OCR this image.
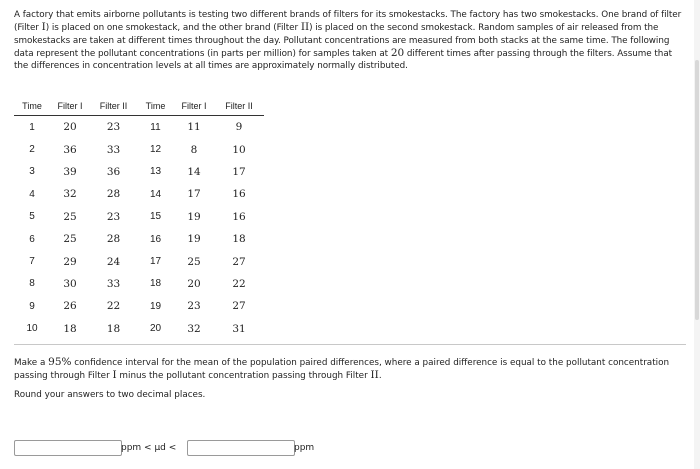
A factory that emits airborne pollutants is testing two different brands of filters for its smokestacks. The factory has two smokestacks. One brand of filter (Filter I) is placed on one smokestack, and the other brand (Filter II) is placed on the second smokestack. Random samples of air released from the smokestacks are taken at different times throughout the day. Pollutant concentrations are measured from both stacks at the same time. The following data represent the pollutant concentrations (in parts per million) for samples taken at 20 different times after passing through the filters. Assume that the differences in concentration levels at all times are approximately normally distributed.
Time	Filter I	Filter II	Time	Filter I	Filter II
1	20	23	11	11	9
2	36	33	12	8	10
3	39	36	13	14	17
4	32	28	14	17	16
5	25	23	15	19	16
6	25	28	16	19	18
7	29	24	17	25	27
8	30	33	18	20	22
9	26	22	19	23	27
10	18	18	20	32	31
Make a 95% confidence interval for the mean of the population paired differences, where a paired difference is equal to the pollutant concentration passing through Filter I minus the pollutant concentration passing through Filter II.
Round your answers to two decimal places.
ppm < μd <	ppm
